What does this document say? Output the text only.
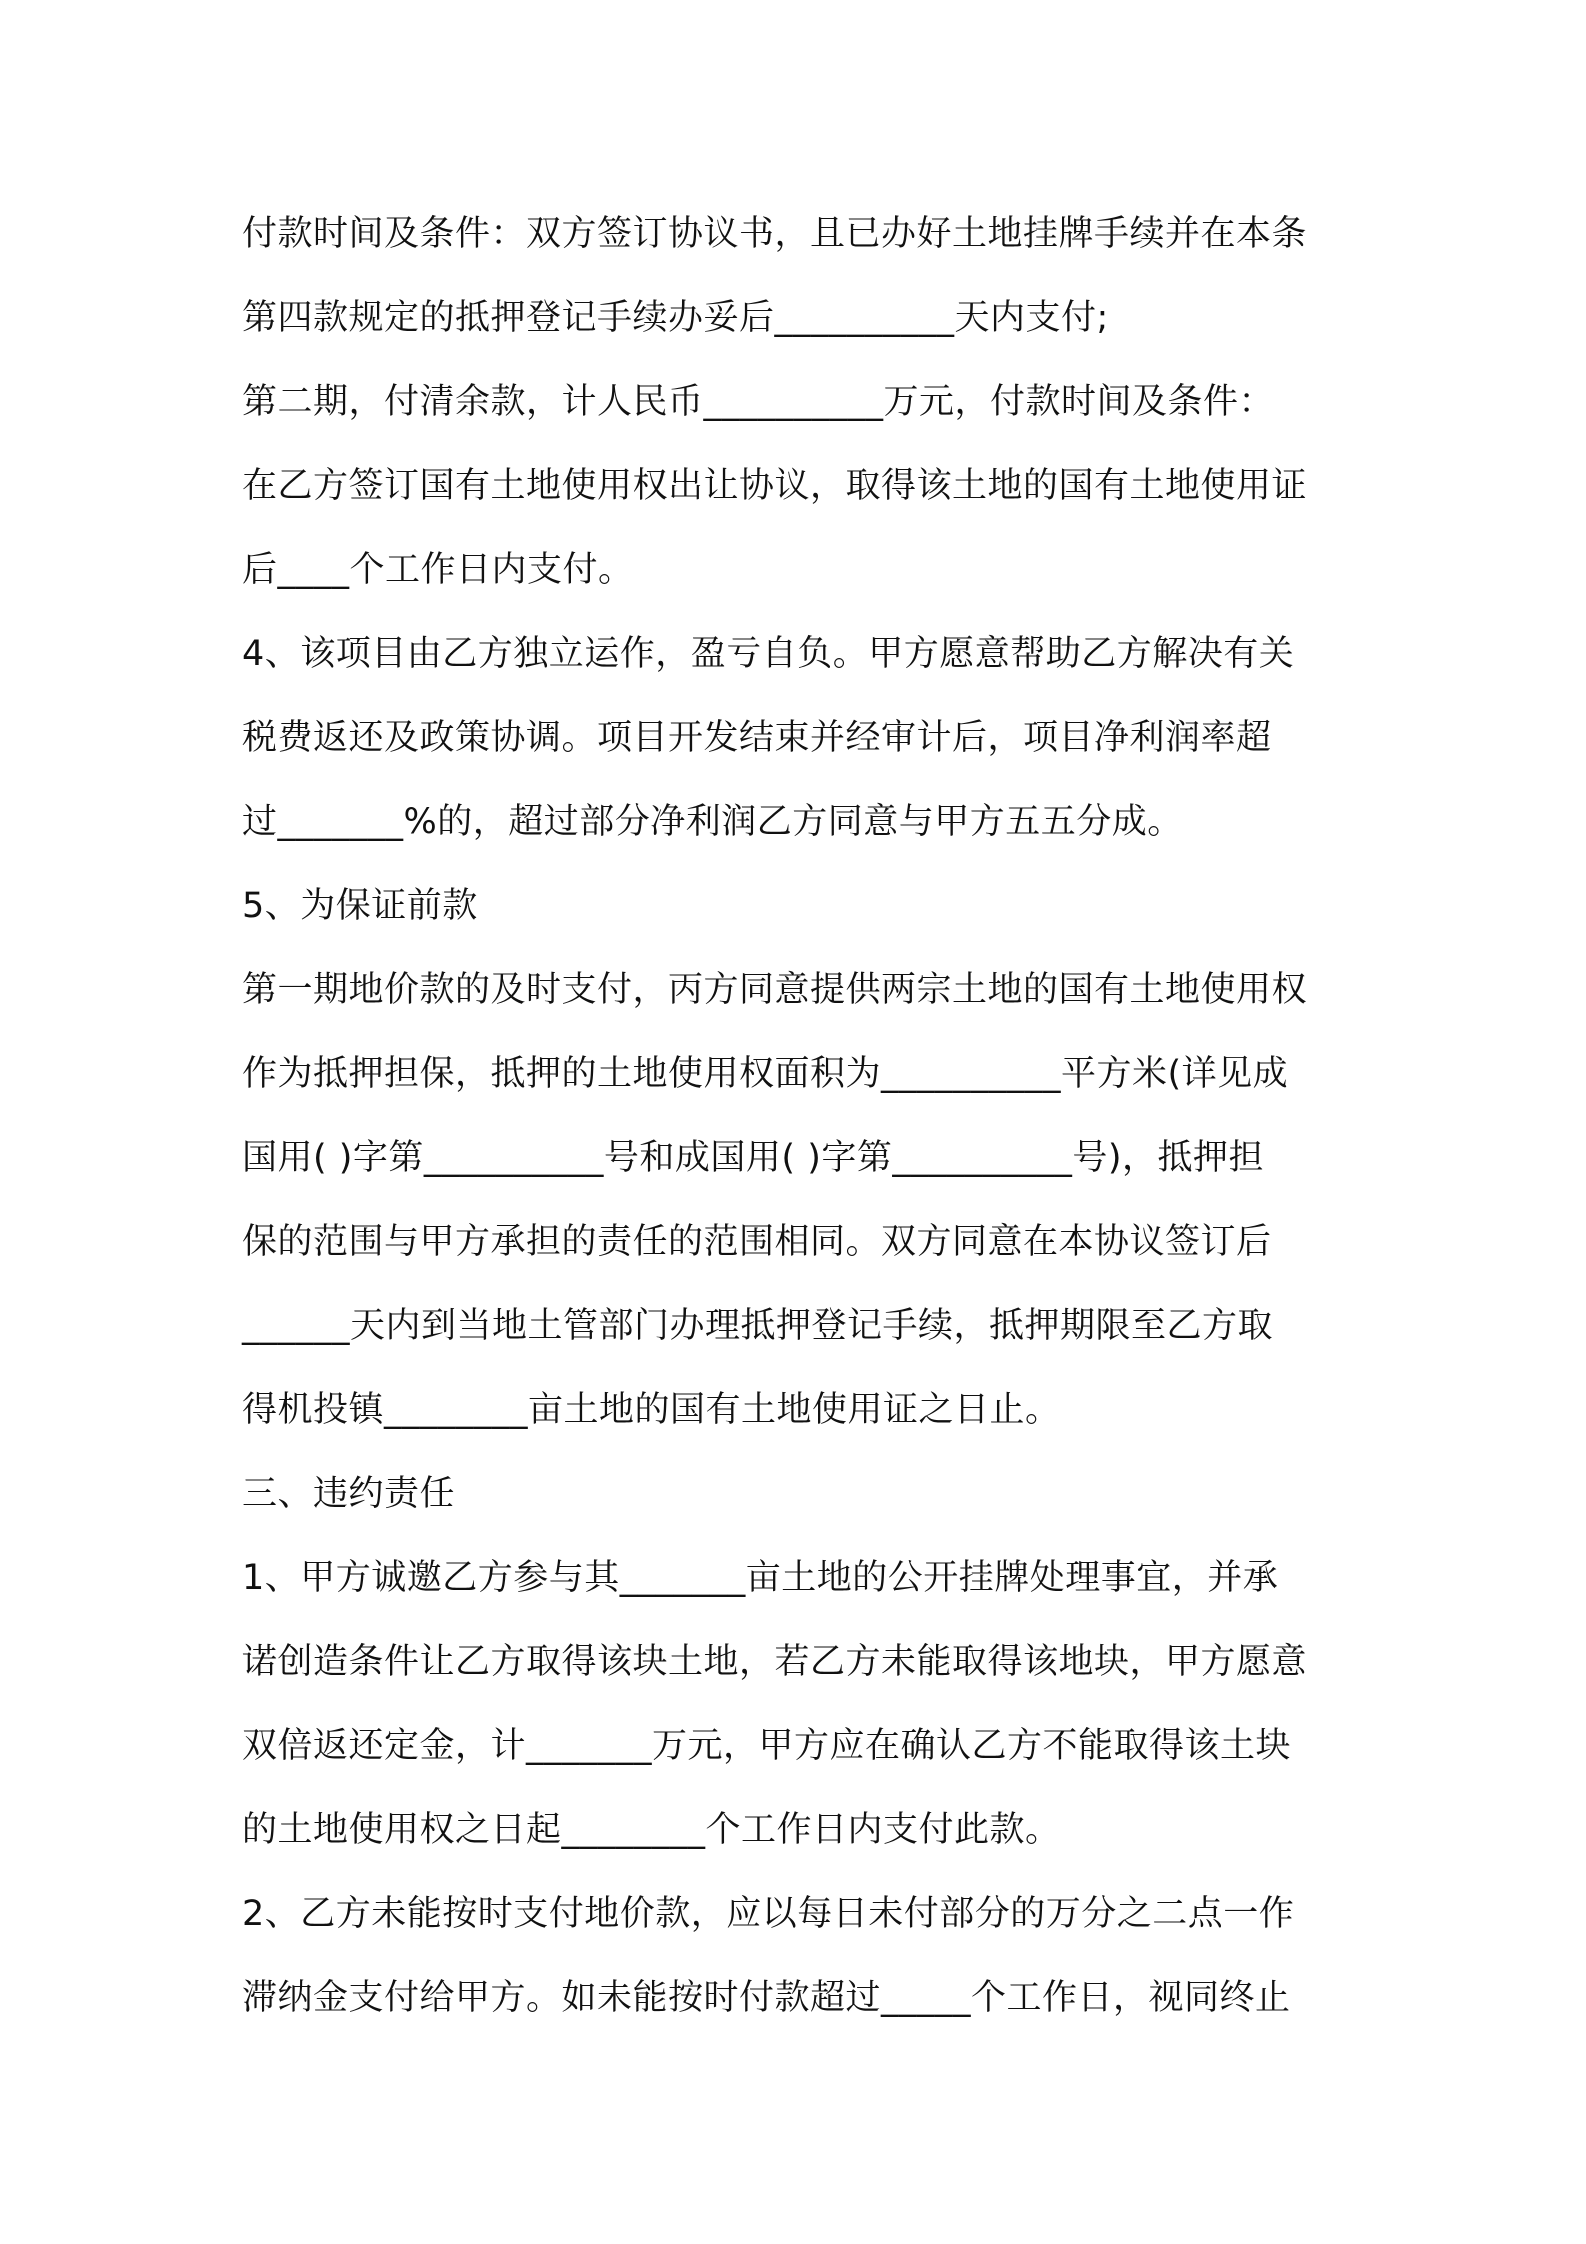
付款时间及条件：双方签订协议书，且已办好土地挂牌手续并在本条
第四款规定的抵押登记手续办妥后__________天内支付;
第二期，付清余款，计人民币__________万元，付款时间及条件：
在乙方签订国有土地使用权出让协议，取得该土地的国有土地使用证
后____个工作日内支付。
4、该项目由乙方独立运作，盈亏自负。甲方愿意帮助乙方解决有关
税费返还及政策协调。项目开发结束并经审计后，项目净利润率超
过_______%的，超过部分净利润乙方同意与甲方五五分成。
5、为保证前款
第一期地价款的及时支付，丙方同意提供两宗土地的国有土地使用权
作为抵押担保，抵押的土地使用权面积为__________平方米(详见成
国用( )字第__________号和成国用( )字第__________号)，抵押担
保的范围与甲方承担的责任的范围相同。双方同意在本协议签订后
______天内到当地土管部门办理抵押登记手续，抵押期限至乙方取
得机投镇________亩土地的国有土地使用证之日止。
三、违约责任
1、甲方诚邀乙方参与其_______亩土地的公开挂牌处理事宜，并承
诺创造条件让乙方取得该块土地，若乙方未能取得该地块，甲方愿意
双倍返还定金，计_______万元，甲方应在确认乙方不能取得该土块
的土地使用权之日起________个工作日内支付此款。
2、乙方未能按时支付地价款，应以每日未付部分的万分之二点一作
滞纳金支付给甲方。如未能按时付款超过_____个工作日，视同终止
